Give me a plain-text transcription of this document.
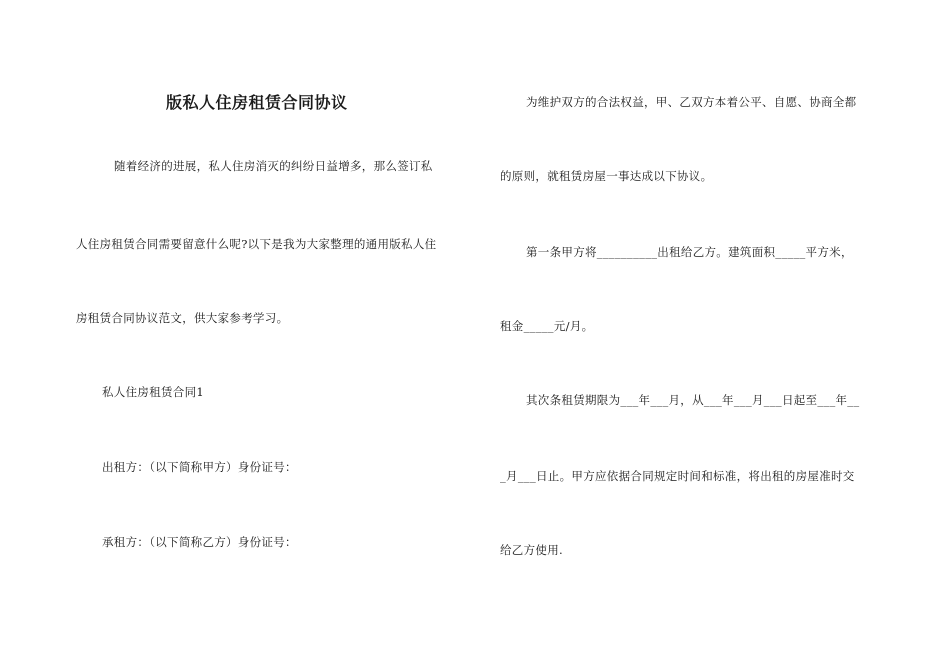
版私人住房租赁合同协议
随着经济的进展，私人住房消灭的纠纷日益增多，那么签订私
人住房租赁合同需要留意什么呢?以下是我为大家整理的通用版私人住
房租赁合同协议范文，供大家参考学习。
私人住房租赁合同1
出租方：（以下简称甲方）身份证号：
承租方：（以下简称乙方）身份证号：
为维护双方的合法权益，甲、乙双方本着公平、自愿、协商全都
的原则，就租赁房屋一事达成以下协议。
第一条甲方将__________出租给乙方。建筑面积_____平方米，
租金_____元/月。
其次条租赁期限为___年___月，从___年___月___日起至___年__
_月___日止。甲方应依据合同规定时间和标准，将出租的房屋准时交
给乙方使用.
